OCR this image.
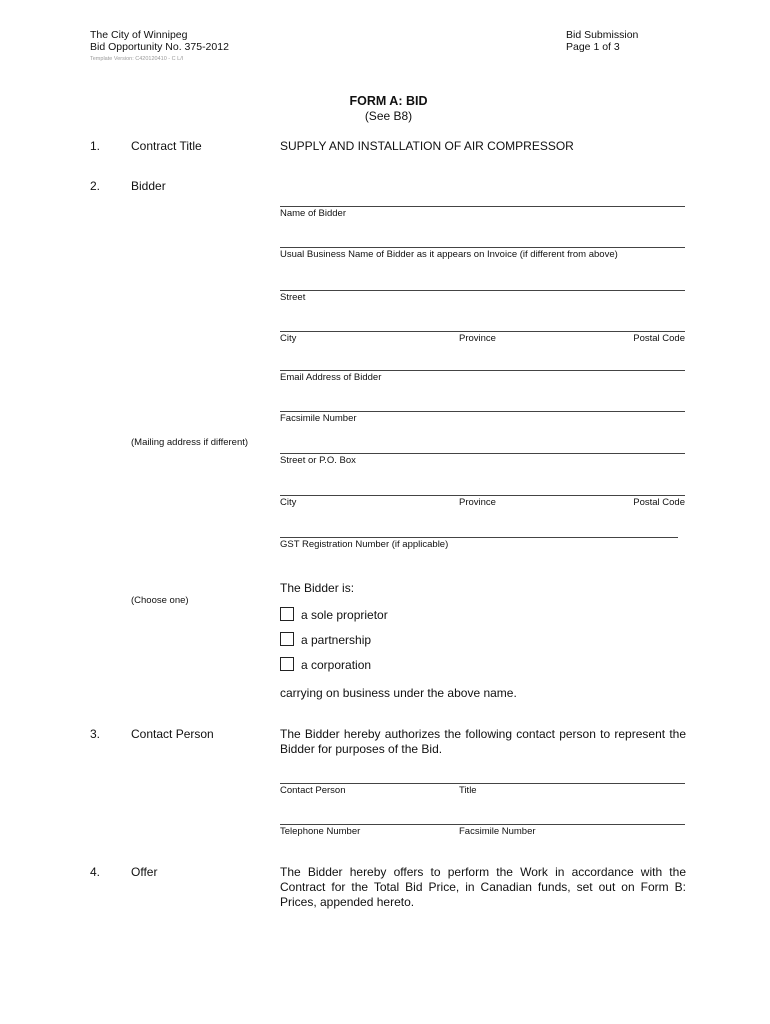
The City of Winnipeg
Bid Opportunity No. 375-2012
Template Version: C420120410 - C L/I
Bid Submission
Page 1 of 3
FORM A: BID
(See B8)
1.	Contract Title	SUPPLY AND INSTALLATION OF AIR COMPRESSOR
2.	Bidder
Name of Bidder
Usual Business Name of Bidder as it appears on Invoice (if different from above)
Street
City	Province	Postal Code
Email Address of Bidder
Facsimile Number
(Mailing address if different)
Street or P.O. Box
City	Province	Postal Code
GST Registration Number (if applicable)
The Bidder is:
(Choose one)
a sole proprietor
a partnership
a corporation
carrying on business under the above name.
3.	Contact Person	The Bidder hereby authorizes the following contact person to represent the Bidder for purposes of the Bid.
Contact Person	Title
Telephone Number	Facsimile Number
4.	Offer	The Bidder hereby offers to perform the Work in accordance with the Contract for the Total Bid Price, in Canadian funds, set out on Form B: Prices, appended hereto.
